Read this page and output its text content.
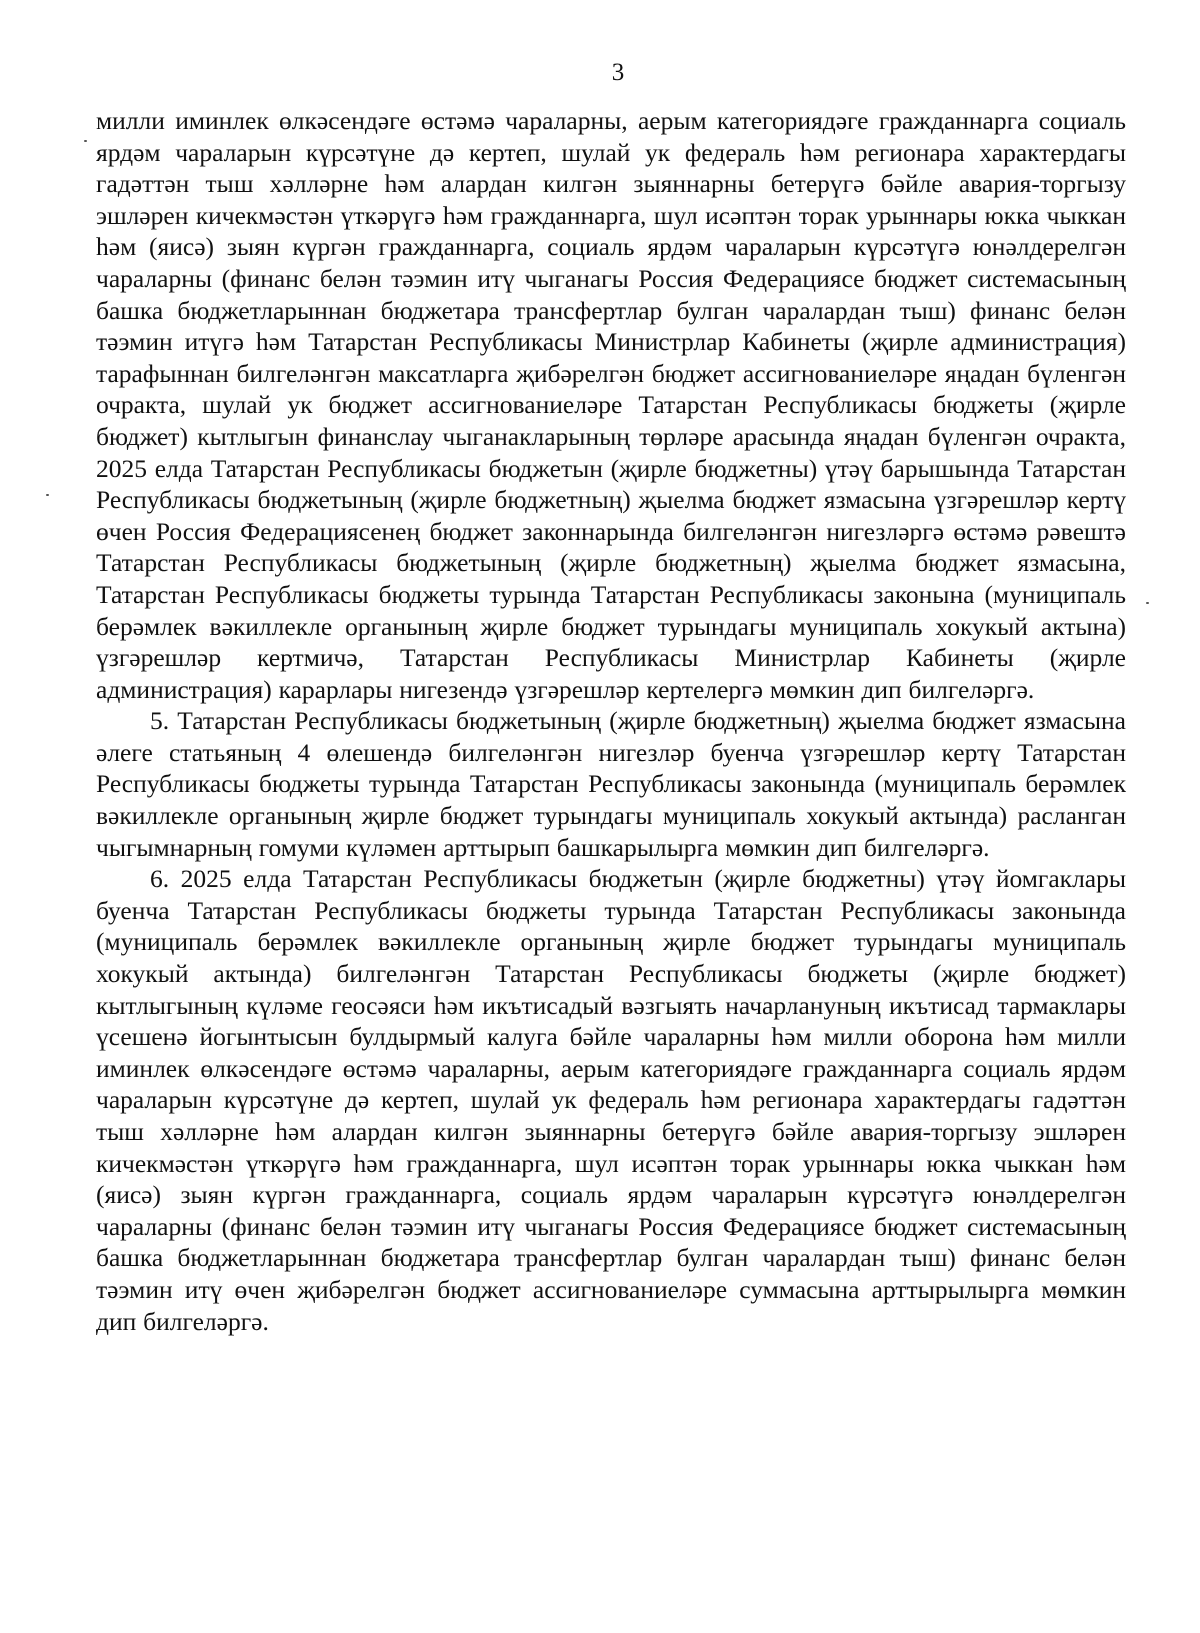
3

милли иминлек өлкәсендәге өстәмә чараларны, аерым категориядәге гражданнарга социаль ярдәм чараларын күрсәтүне дә кертеп, шулай ук федераль һәм регионара характердагы гадәттән тыш хәлләрне һәм алардан килгән зыяннарны бетерүгә бәйле авария-торгызу эшләрен кичекмәстән үткәрүгә һәм гражданнарга, шул исәптән торак урыннары юкка чыккан һәм (яисә) зыян күргән гражданнарга, социаль ярдәм чараларын күрсәтүгә юнәлдерелгән чараларны (финанс белән тәэмин итү чыганагы Россия Федерациясе бюджет системасының башка бюджетларыннан бюджетара трансфертлар булган чаралардан тыш) финанс белән тәэмин итүгә һәм Татарстан Республикасы Министрлар Кабинеты (җирле администрация) тарафыннан билгеләнгән максатларга җибәрелгән бюджет ассигнованиеләре яңадан бүленгән очракта, шулай ук бюджет ассигнованиеләре Татарстан Республикасы бюджеты (җирле бюджет) кытлыгын финанслау чыганакларының төрләре арасында яңадан бүленгән очракта, 2025 елда Татарстан Республикасы бюджетын (җирле бюджетны) үтәү барышында Татарстан Республикасы бюджетының (җирле бюджетның) җыелма бюджет язмасына үзгәрешләр кертү өчен Россия Федерациясенең бюджет законнарында билгеләнгән нигезләргә өстәмә рәвештә Татарстан Республикасы бюджетының (җирле бюджетның) җыелма бюджет язмасына, Татарстан Республикасы бюджеты турында Татарстан Республикасы законына (муниципаль берәмлек вәкиллекле органының җирле бюджет турындагы муниципаль хокукый актына) үзгәрешләр кертмичә, Татарстан Республикасы Министрлар Кабинеты (җирле администрация) карарлары нигезендә үзгәрешләр кертелергә мөмкин дип билгеләргә.

5. Татарстан Республикасы бюджетының (җирле бюджетның) җыелма бюджет язмасына әлеге статьяның 4 өлешендә билгеләнгән нигезләр буенча үзгәрешләр кертү Татарстан Республикасы бюджеты турында Татарстан Республикасы законында (муниципаль берәмлек вәкиллекле органының җирле бюджет турындагы муниципаль хокукый актында) расланган чыгымнарның гомуми күләмен арттырып башкарылырга мөмкин дип билгеләргә.

6. 2025 елда Татарстан Республикасы бюджетын (җирле бюджетны) үтәү йомгаклары буенча Татарстан Республикасы бюджеты турында Татарстан Республикасы законында (муниципаль берәмлек вәкиллекле органының җирле бюджет турындагы муниципаль хокукый актында) билгеләнгән Татарстан Республикасы бюджеты (җирле бюджет) кытлыгының күләме геосәяси һәм икътисадый вәзгыять начарлануның икътисад тармаклары үсешенә йогынтысын булдырмый калуга бәйле чараларны һәм милли оборона һәм милли иминлек өлкәсендәге өстәмә чараларны, аерым категориядәге гражданнарга социаль ярдәм чараларын күрсәтүне дә кертеп, шулай ук федераль һәм регионара характердагы гадәттән тыш хәлләрне һәм алардан килгән зыяннарны бетерүгә бәйле авария-торгызу эшләрен кичекмәстән үткәрүгә һәм гражданнарга, шул исәптән торак урыннары юкка чыккан һәм (яисә) зыян күргән гражданнарга, социаль ярдәм чараларын күрсәтүгә юнәлдерелгән чараларны (финанс белән тәэмин итү чыганагы Россия Федерациясе бюджет системасының башка бюджетларыннан бюджетара трансфертлар булган чаралардан тыш) финанс белән тәэмин итү өчен җибәрелгән бюджет ассигнованиеләре суммасына арттырылырга мөмкин дип билгеләргә.
